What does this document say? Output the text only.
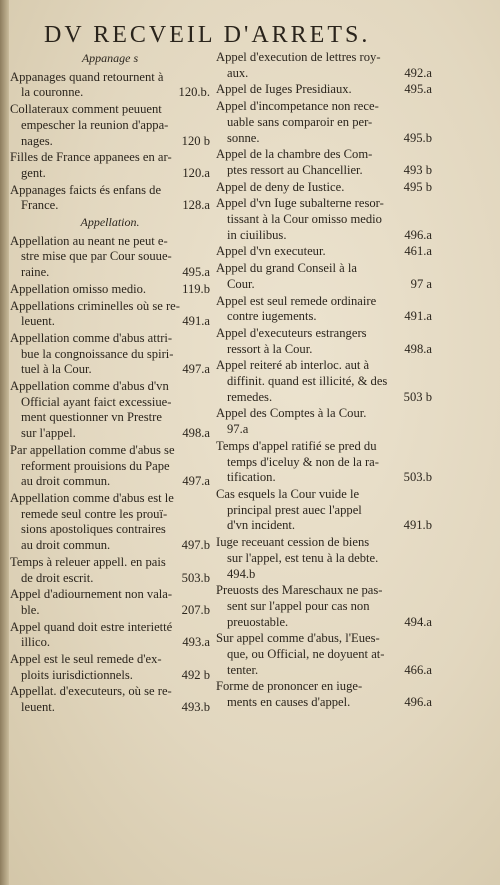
DV RECVEIL D'ARRETS.
Appanage s
Appanages quand retournent à
la couronne.	120.b.
Collateraux comment peuuent
empescher la reunion d'appa-
nages.	120 b
Filles de France appanees en ar-
gent.	120.a
Appanages faicts és enfans de
France.	128.a
Appellation.
Appellation au neant ne peut e-
stre mise que par Cour souue-
raine.	495.a
Appellation omisso medio.	119.b
Appellations criminelles où se re-
leuent.	491.a
Appellation comme d'abus attri-
bue la congnoissance du spiri-
tuel à la Cour.	497.a
Appellation comme d'abus d'vn
Official ayant faict excessiue-
ment questionner vn Prestre
sur l'appel.	498.a
Par appellation comme d'abus se
reforment prouisions du Pape
au droit commun.	497.a
Appellation comme d'abus est le
remede seul contre les prouï-
sions apostoliques contraires
au droit commun.	497.b
Temps à releuer appell. en pais
de droit escrit.	503.b
Appel d'adiournement non vala-
ble.	207.b
Appel quand doit estre interietté
illico.	493.a
Appel est le seul remede d'ex-
ploits iurisdictionnels.	492 b
Appellat. d'executeurs, où se re-
leuent.	493.b
Appel d'execution de lettres roy-
aux.	492.a
Appel de Iuges Presidiaux.	495.a
Appel d'incompetance non rece-
uable sans comparoir en per-
sonne.	495.b
Appel de la chambre des Com-
ptes ressort au Chancellier.	493 b
Appel de deny de Iustice.	495 b
Appel d'vn Iuge subalterne resor-
tissant à la Cour omisso medio
in ciuilibus.	496.a
Appel d'vn executeur.	461.a
Appel du grand Conseil à la
Cour.	97 a
Appel est seul remede ordinaire
contre iugements.	491.a
Appel d'executeurs estrangers
ressort à la Cour.	498.a
Appel reiteré ab interloc. aut à
diffinit. quand est illicité, & des
remedes.	503 b
Appel des Comptes à la Cour.
97.a
Temps d'appel ratifié se pred du
temps d'iceluy & non de la ra-
tification.	503.b
Cas esquels la Cour vuide le
principal prest auec l'appel
d'vn incident.	491.b
Iuge receuant cession de biens
sur l'appel, est tenu à la debte.
494.b
Preuosts des Mareschaux ne pas-
sent sur l'appel pour cas non
preuostable.	494.a
Sur appel comme d'abus, l'Eues-
que, ou Official, ne doyuent at-
tenter.	466.a
Forme de prononcer en iuge-
ments en causes d'appel.	496.a
